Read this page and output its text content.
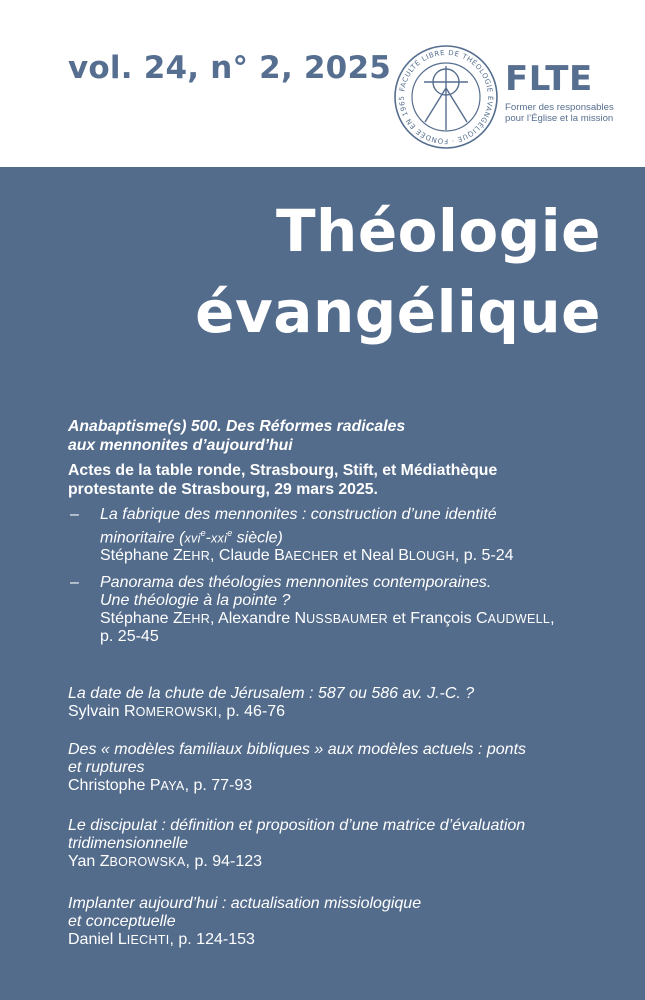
vol. 24, n° 2, 2025
FACULTÉ LIBRE DE THÉOLOGIE ÉVANGÉLIQUE · FONDÉE EN 1965	FLTE
Former des responsables
pour l’Église et la mission
Théologie
évangélique
Anabaptisme(s) 500. Des Réformes radicales
aux mennonites d’aujourd’hui
Actes de la table ronde, Strasbourg, Stift, et Médiathèque
protestante de Strasbourg, 29 mars 2025.
– La fabrique des mennonites : construction d’une identité
minoritaire (xvi$^e$-xxi$^e$ siècle)
Stéphane ZEHR, Claude BAECHER et Neal BLOUGH, p. 5-24
– Panorama des théologies mennonites contemporaines.
Une théologie à la pointe ?
Stéphane ZEHR, Alexandre NUSSBAUMER et François CAUDWELL,
p. 25-45
La date de la chute de Jérusalem : 587 ou 586 av. J.-C. ?
Sylvain ROMEROWSKI, p. 46-76
Des « modèles familiaux bibliques » aux modèles actuels : ponts
et ruptures
Christophe PAYA, p. 77-93
Le discipulat : définition et proposition d’une matrice d’évaluation
tridimensionnelle
Yan ZBOROWSKA, p. 94-123
Implanter aujourd’hui : actualisation missiologique
et conceptuelle
Daniel LIECHTI, p. 124-153
